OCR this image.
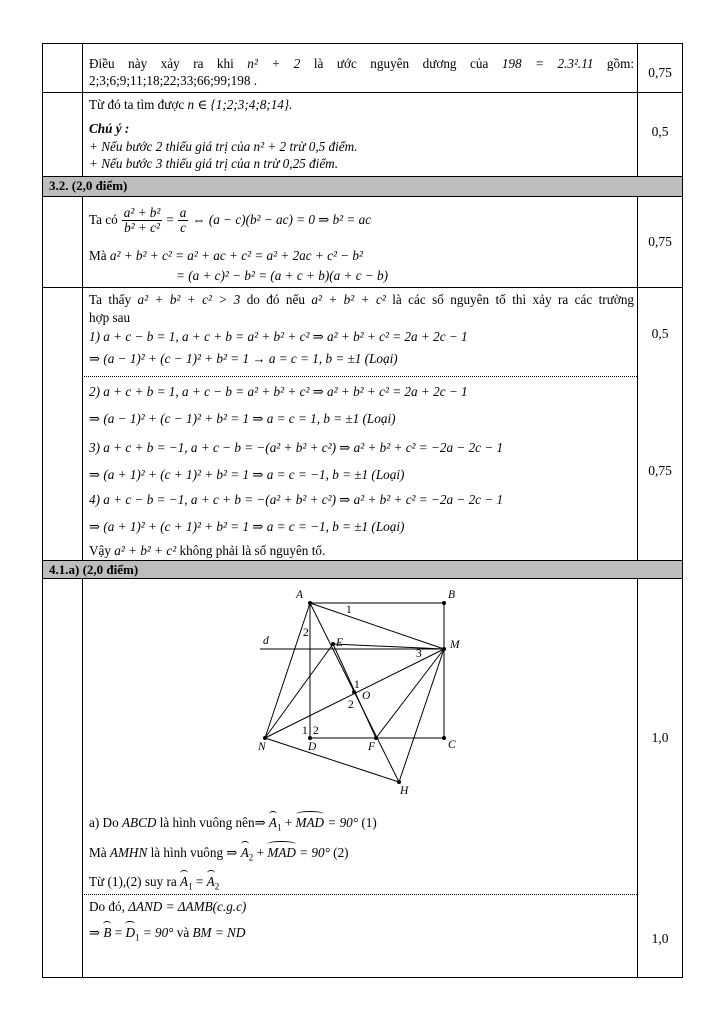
3.2. (2,0 điểm)
4.1.a) (2,0 điểm)
Điều này xảy ra khi n² + 2 là ước nguyên dương của 198 = 2.3².11 gồm:
2;3;6;9;11;18;22;33;66;99;198 .
0,75
Từ đó ta tìm được n ∈ {1;2;3;4;8;14}.
Chú ý :
+ Nếu bước 2 thiếu giá trị của n² + 2 trừ 0,5 điểm.
+ Nếu bước 3 thiếu giá trị của n trừ 0,25 điểm.
0,5
Ta có $\frac{\text{a² + b²}}{\text{b² + c²}} = \frac{a}{c}$ ⇔ (a − c)(b² − ac) = 0 ⇒ b² = ac
Mà a² + b² + c² = a² + ac + c² = a² + 2ac + c² − b²
= (a + c)² − b² = (a + c + b)(a + c − b)
0,75
Ta thấy a² + b² + c² > 3 do đó nếu a² + b² + c² là các số nguyên tố thì xảy ra các trường
hợp sau
1) a + c − b = 1, a + c + b = a² + b² + c² ⇒ a² + b² + c² = 2a + 2c − 1
⇒ (a − 1)² + (c − 1)² + b² = 1 → a = c = 1, b = ±1 (Loại)
0,5
2) a + c + b = 1, a + c − b = a² + b² + c² ⇒ a² + b² + c² = 2a + 2c − 1
⇒ (a − 1)² + (c − 1)² + b² = 1 ⇒ a = c = 1, b = ±1 (Loại)
3) a + c + b = −1, a + c − b = −(a² + b² + c²) ⇒ a² + b² + c² = −2a − 2c − 1
⇒ (a + 1)² + (c + 1)² + b² = 1 ⇒ a = c = −1, b = ±1 (Loại)
4) a + c − b = −1, a + c + b = −(a² + b² + c²) ⇒ a² + b² + c² = −2a − 2c − 1
⇒ (a + 1)² + (c + 1)² + b² = 1 ⇒ a = c = −1, b = ±1 (Loại)
Vậy a² + b² + c² không phải là số nguyên tố.
0,75
A	B
M
C
D
N
E
F
H
O
d
1
2
3
1
2
1 2
a) Do ABCD là hình vuông nên⇒ $A_1$ + MAD = 90° (1)
Mà AMHN là hình vuông ⇒ $A_2$ + MAD = 90° (2)
Từ (1),(2) suy ra $A_1 = A_2$
1,0
Do đó, ΔAND = ΔAMB(c.g.c)
⇒ $B = D_1 = 90^\circ$ và BM = ND	1,0
